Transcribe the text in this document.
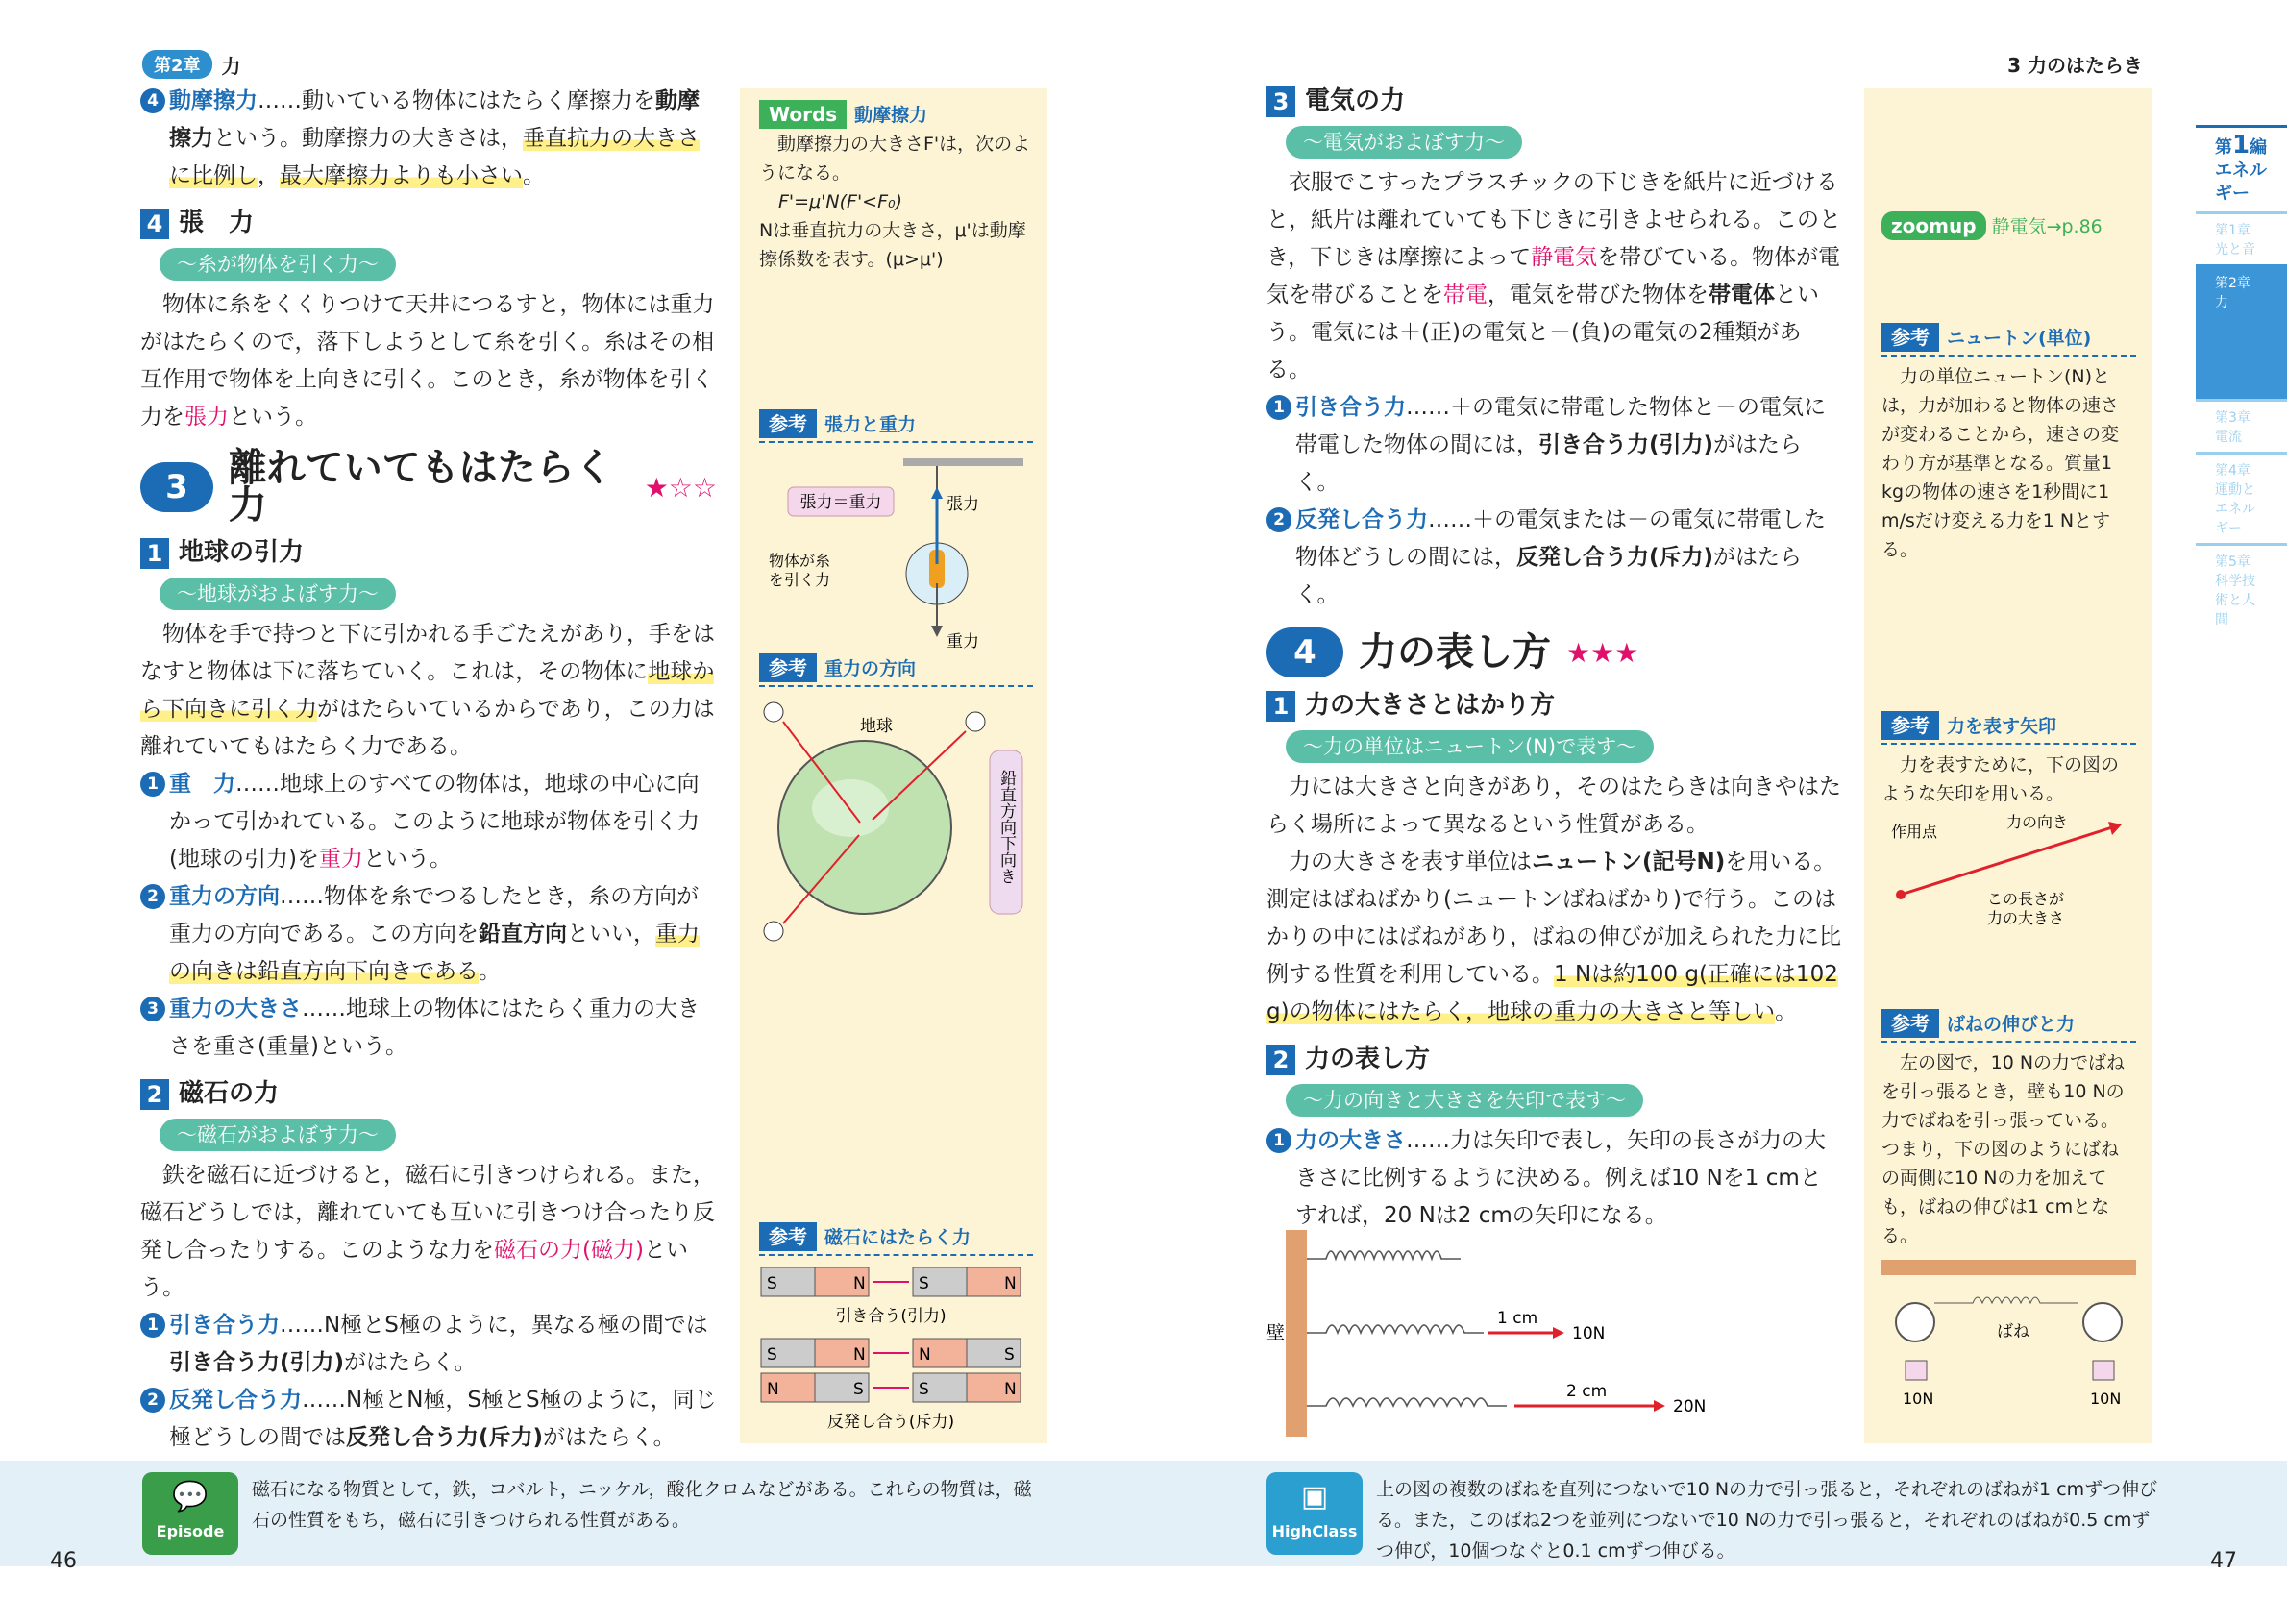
第2章	力
4 動摩擦力……動いている物体にはたらく摩擦力を動摩擦力という。動摩擦力の大きさは，垂直抗力の大きさに比例し，最大摩擦力よりも小さい。
4 張　力
～糸が物体を引く力～

物体に糸をくくりつけて天井につるすと，物体には重力がはたらくので，落下しようとして糸を引く。糸はその相互作用で物体を上向きに引く。このとき，糸が物体を引く力を張力という。

3	離れていてもはたらく力	★☆☆
1 地球の引力
～地球がおよぼす力～

物体を手で持つと下に引かれる手ごたえがあり，手をはなすと物体は下に落ちていく。これは，その物体に地球から下向きに引く力がはたらいているからであり，この力は離れていてもはたらく力である。

1 重　力……地球上のすべての物体は，地球の中心に向かって引かれている。このように地球が物体を引く力(地球の引力)を重力という。
2 重力の方向……物体を糸でつるしたとき，糸の方向が重力の方向である。この方向を鉛直方向といい，重力の向きは鉛直方向下向きである。
3 重力の大きさ……地球上の物体にはたらく重力の大きさを重さ(重量)という。
2 磁石の力
～磁石がおよぼす力～

鉄を磁石に近づけると，磁石に引きつけられる。また，磁石どうしでは，離れていても互いに引きつけ合ったり反発し合ったりする。このような力を磁石の力(磁力)という。

1 引き合う力……N極とS極のように，異なる極の間では引き合う力(引力)がはたらく。
2 反発し合う力……N極とN極，S極とS極のように，同じ極どうしの間では反発し合う力(斥力)がはたらく。
Words 動摩擦力

動摩擦力の大きさF'は，次のようになる。

F'=μ'N(F'<F₀)
Nは垂直抗力の大きさ，μ'は動摩擦係数を表す。(μ>μ')
参考 張力と重力
張力＝重力	張力
重力
物体が糸
を引く力
参考 重力の方向
地球
鉛直方向下向き
参考 磁石にはたらく力
S	N	S	N
引き合う(引力)
S	N	N	S
N	S	S	N
反発し合う(斥力)
💬
Episode
磁石になる物質として，鉄，コバルト，ニッケル，酸化クロムなどがある。これらの物質は，磁石の性質をもち，磁石に引きつけられる性質がある。
46
3 力のはたらき
3 電気の力
～電気がおよぼす力～

衣服でこすったプラスチックの下じきを紙片に近づけると，紙片は離れていても下じきに引きよせられる。このとき，下じきは摩擦によって静電気を帯びている。物体が電気を帯びることを帯電，電気を帯びた物体を帯電体という。電気には＋(正)の電気と－(負)の電気の2種類がある。

1 引き合う力……＋の電気に帯電した物体と－の電気に帯電した物体の間には，引き合う力(引力)がはたらく。
2 反発し合う力……＋の電気または－の電気に帯電した物体どうしの間には，反発し合う力(斥力)がはたらく。
4	力の表し方 ★★★
1 力の大きさとはかり方
～力の単位はニュートン(N)で表す～

力には大きさと向きがあり，そのはたらきは向きやはたらく場所によって異なるという性質がある。

力の大きさを表す単位はニュートン(記号N)を用いる。測定はばねばかり(ニュートンばねばかり)で行う。このはかりの中にはばねがあり，ばねの伸びが加えられた力に比例する性質を利用している。1 Nは約100 g(正確には102 g)の物体にはたらく，地球の重力の大きさと等しい。

2 力の表し方
～力の向きと大きさを矢印で表す～
1 力の大きさ……力は矢印で表し，矢印の長さが力の大きさに比例するように決める。例えば10 Nを1 cmとすれば，20 Nは2 cmの矢印になる。
壁
1 cm
10N
2 cm
20N
zoomup 静電気→p.86
参考 ニュートン(単位)

力の単位ニュートン(N)とは，力が加わると物体の速さが変わることから，速さの変わり方が基準となる。質量1 kgの物体の速さを1秒間に1 m/sだけ変える力を1 Nとする。

参考 力を表す矢印

力を表すために，下の図のような矢印を用いる。

作用点
力の向き
この長さが
力の大きさ
参考 ばねの伸びと力

左の図で，10 Nの力でばねを引っ張るとき，壁も10 Nの力でばねを引っ張っている。つまり，下の図のようにばねの両側に10 Nの力を加えても，ばねの伸びは1 cmとなる。

ばね
10N	10N
第1編
エネルギー
第1章
光と音
第2章
力
第3章
電流
第4章
運動とエネルギー
第5章
科学技術と人間
▣
HighClass
上の図の複数のばねを直列につないで10 Nの力で引っ張ると，それぞれのばねが1 cmずつ伸びる。また，このばね2つを並列につないで10 Nの力で引っ張ると，それぞれのばねが0.5 cmずつ伸び，10個つなぐと0.1 cmずつ伸びる。	47
